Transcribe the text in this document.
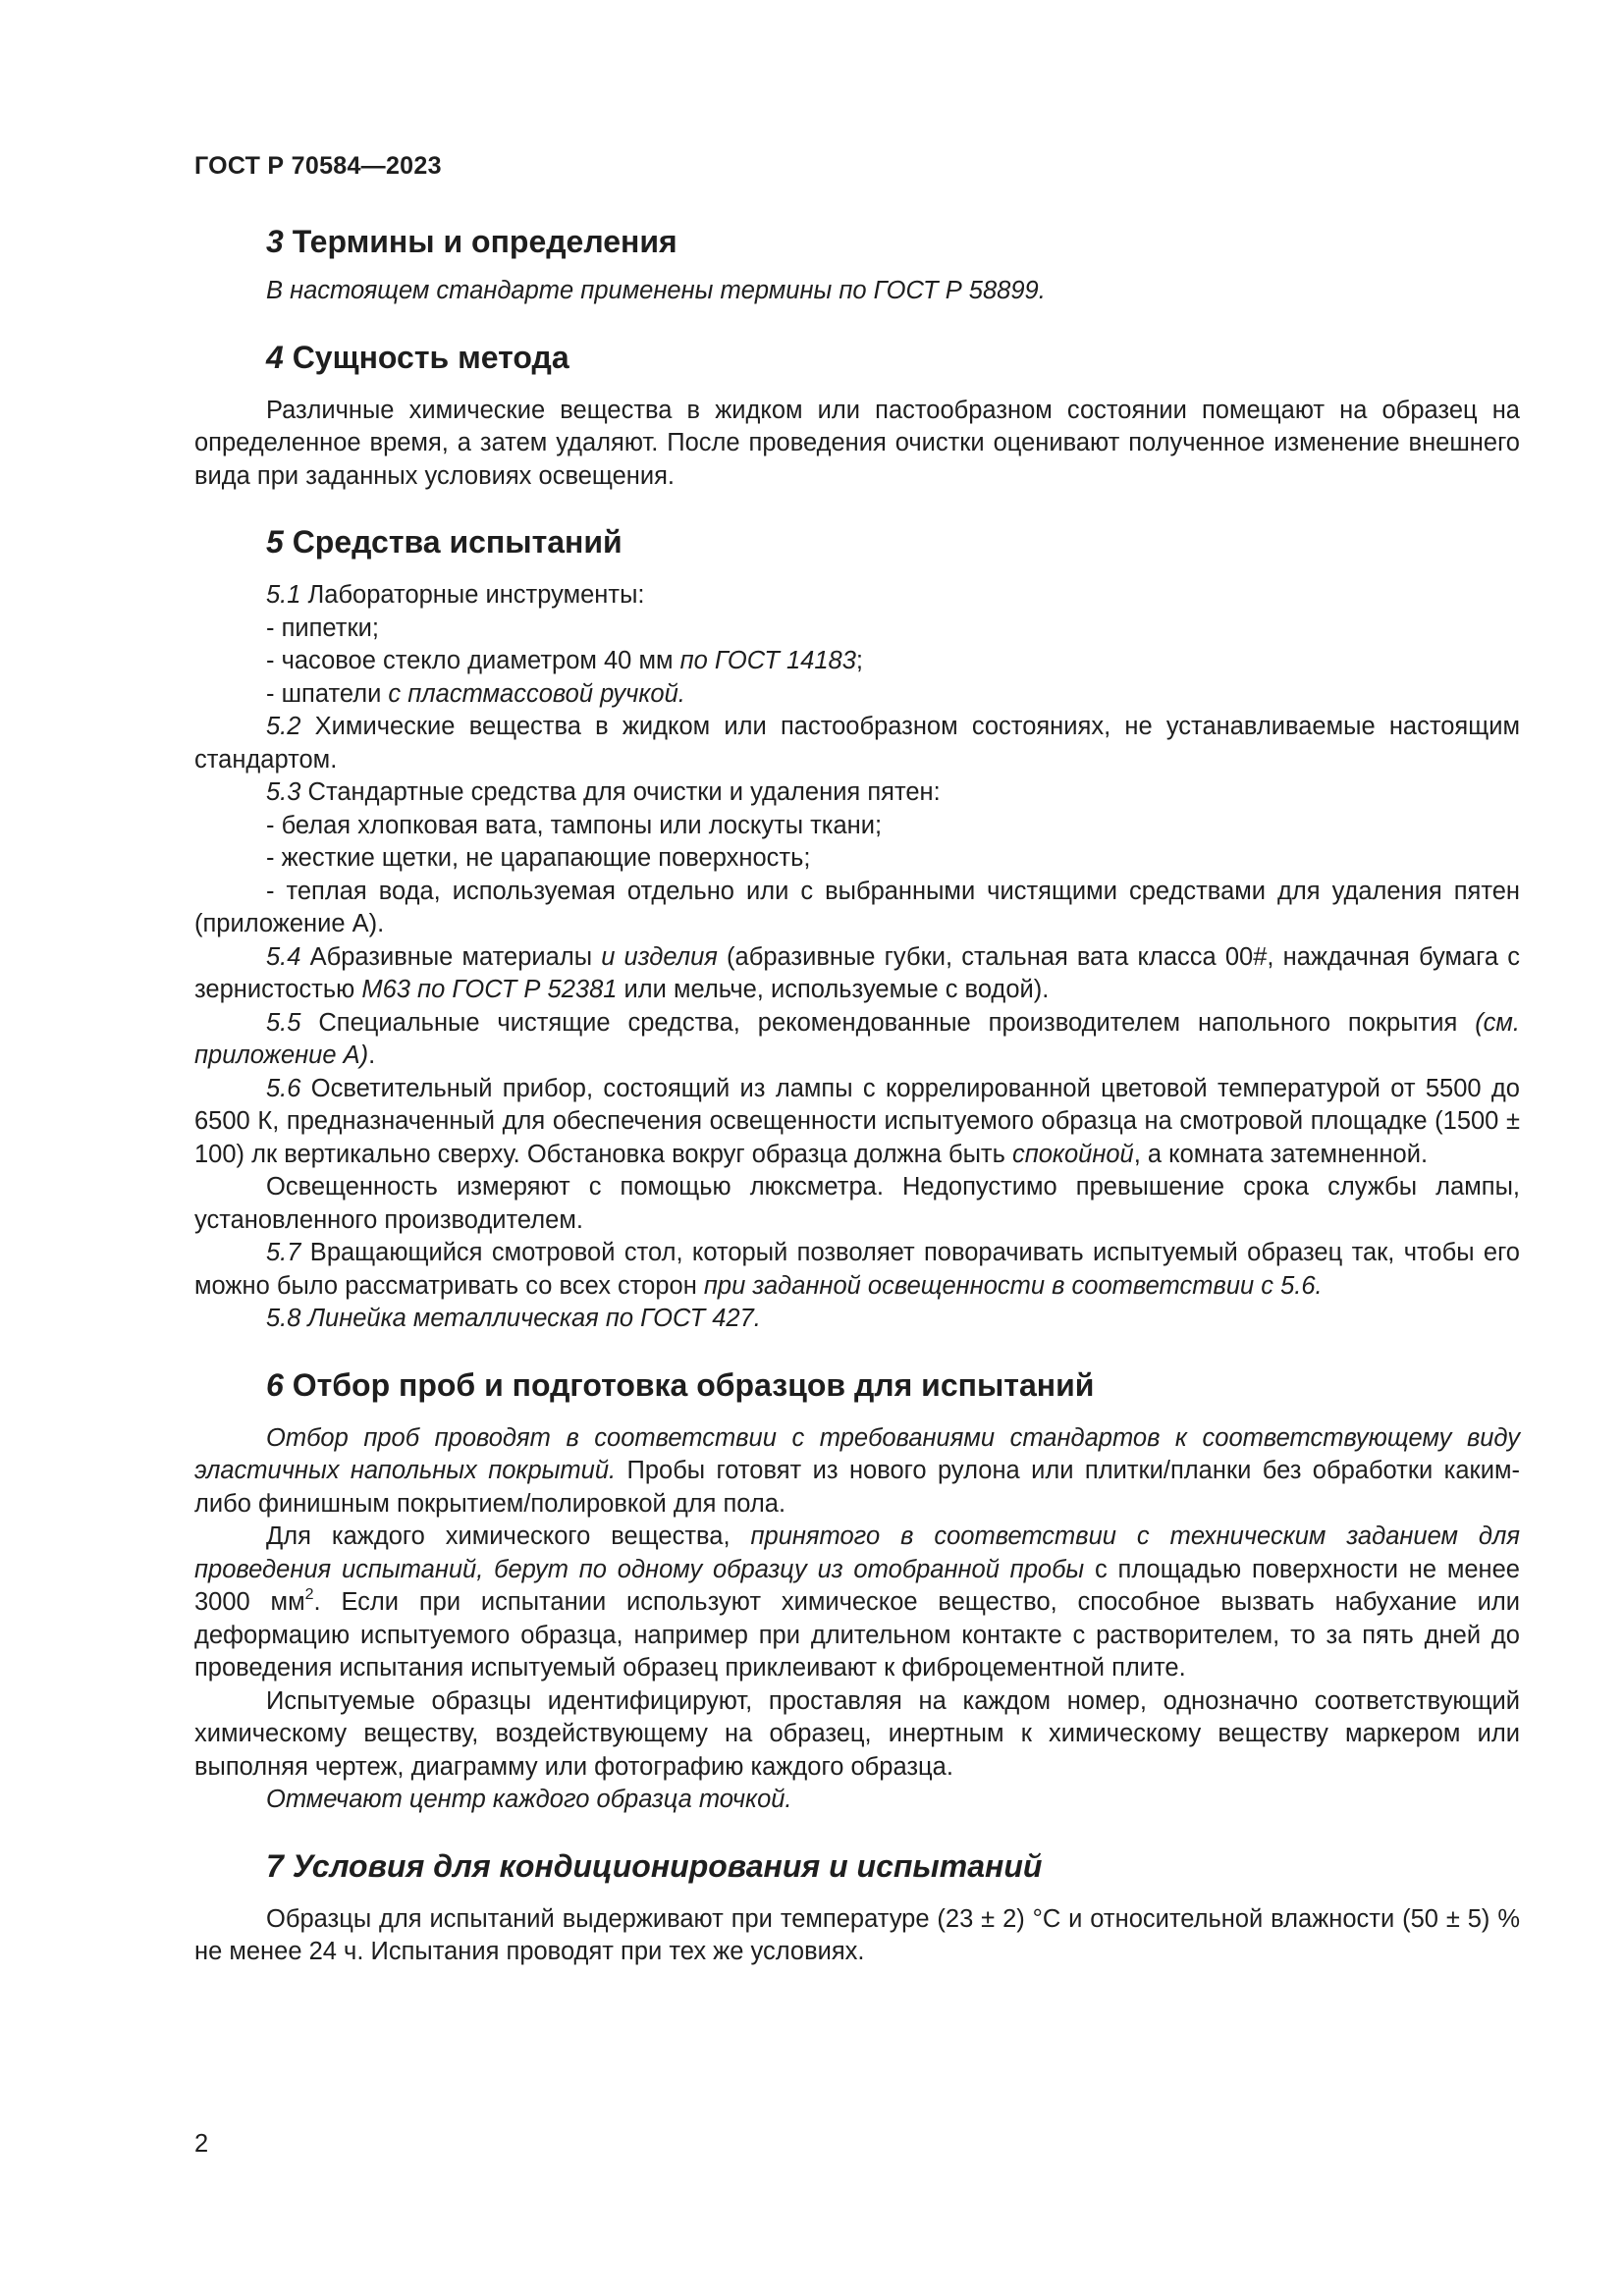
ГОСТ Р 70584—2023
3 Термины и определения

В настоящем стандарте применены термины по ГОСТ Р 58899.

4 Сущность метода

Различные химические вещества в жидком или пастообразном состоянии помещают на образец на определенное время, а затем удаляют. После проведения очистки оценивают полученное изменение внешнего вида при заданных условиях освещения.

5 Средства испытаний

5.1 Лабораторные инструменты:

- пипетки;

- часовое стекло диаметром 40 мм по ГОСТ 14183;

- шпатели с пластмассовой ручкой.

5.2 Химические вещества в жидком или пастообразном состояниях, не устанавливаемые настоящим стандартом.

5.3 Стандартные средства для очистки и удаления пятен:

- белая хлопковая вата, тампоны или лоскуты ткани;

- жесткие щетки, не царапающие поверхность;

- теплая вода, используемая отдельно или с выбранными чистящими средствами для удаления пятен (приложение А).

5.4 Абразивные материалы и изделия (абразивные губки, стальная вата класса 00#, наждачная бумага с зернистостью М63 по ГОСТ Р 52381 или мельче, используемые с водой).

5.5 Специальные чистящие средства, рекомендованные производителем напольного покрытия (см. приложение А).

5.6 Осветительный прибор, состоящий из лампы с коррелированной цветовой температурой от 5500 до 6500 К, предназначенный для обеспечения освещенности испытуемого образца на смотровой площадке (1500 ± 100) лк вертикально сверху. Обстановка вокруг образца должна быть спокойной, а комната затемненной.

Освещенность измеряют с помощью люксметра. Недопустимо превышение срока службы лампы, установленного производителем.

5.7 Вращающийся смотровой стол, который позволяет поворачивать испытуемый образец так, чтобы его можно было рассматривать со всех сторон при заданной освещенности в соответствии с 5.6.

5.8 Линейка металлическая по ГОСТ 427.

6 Отбор проб и подготовка образцов для испытаний

Отбор проб проводят в соответствии с требованиями стандартов к соответствующему виду эластичных напольных покрытий. Пробы готовят из нового рулона или плитки/планки без обработки каким-либо финишным покрытием/полировкой для пола.

Для каждого химического вещества, принятого в соответствии с техническим заданием для проведения испытаний, берут по одному образцу из отобранной пробы с площадью поверхности не менее 3000 $мм^2$. Если при испытании используют химическое вещество, способное вызвать набухание или деформацию испытуемого образца, например при длительном контакте с растворителем, то за пять дней до проведения испытания испытуемый образец приклеивают к фиброцементной плите.

Испытуемые образцы идентифицируют, проставляя на каждом номер, однозначно соответствующий химическому веществу, воздействующему на образец, инертным к химическому веществу маркером или выполняя чертеж, диаграмму или фотографию каждого образца.

Отмечают центр каждого образца точкой.

7 Условия для кондиционирования и испытаний

Образцы для испытаний выдерживают при температуре (23 ± 2) °С и относительной влажности (50 ± 5) % не менее 24 ч. Испытания проводят при тех же условиях.

2
